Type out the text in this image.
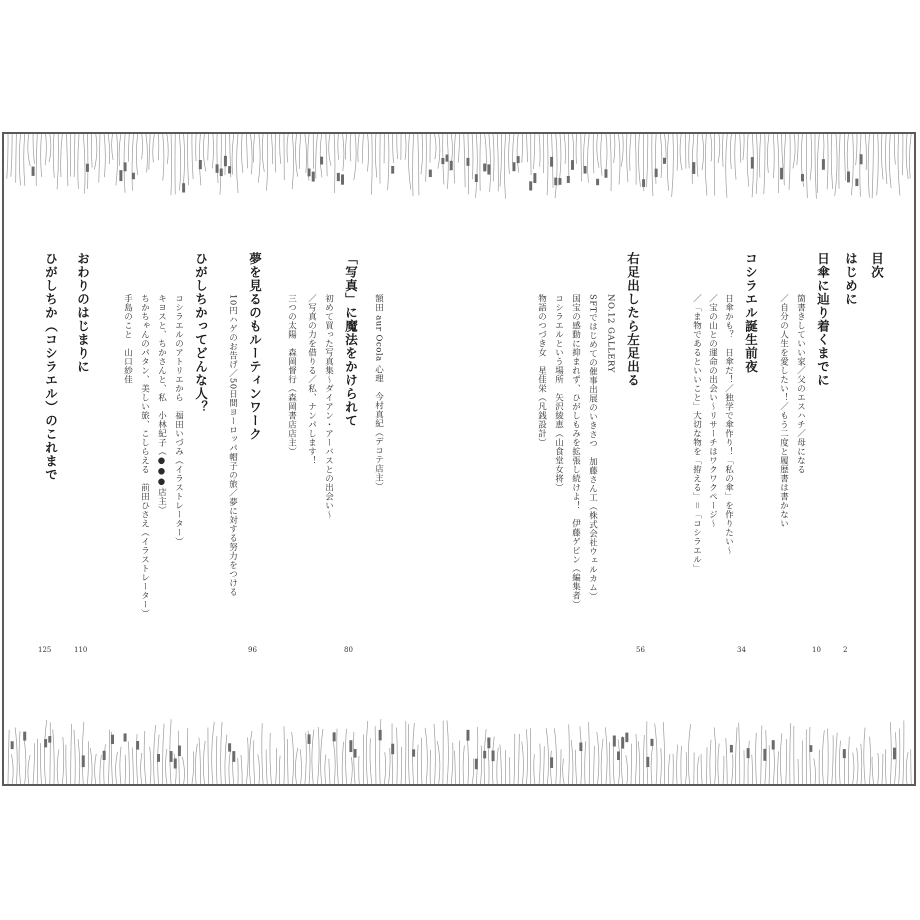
目次
はじめに
日傘に辿り着くまでに
箇書きしていい家／父のエスハチ／母になる
／自分の人生を愛したい！／もう二度と履歴書は書かない
コシラエル誕生前夜
日傘かも？　日傘だ！／独学で傘作り！「私の傘」を作りたい～
／宝の山との運命の出会い～リサーチはワクワクページ～
／「ま物であるといいこと」大切な物を「拵える」＝「コシラエル」
右足出したら左足出る
NO.12 GALLERY
SFTではじめての催事出展のいきさつ　加藤さん工（株式会社ウェルカム）
国宝の感動に抑まれず、ひがしもみを拡張し続けよ！　伊藤ゲビン（編集者）
コシラエルという場所　矢沢綾恵（山食堂女将）
物語のつづき女　星佳栄（凡銭設計）
「写真」に魔法をかけられて
初めて買った写真集～ダイアン・アーバスとの出会い～
／写真の力を借りる／私、ナンパします！
三つの太陽　森岡督行（森岡書店店主）	額田 aur Ocola 心理　今村真紀（デコテ店主）
夢を見るのもルーティンワーク
10円ハゲのお告げ／50日間ヨーロッパ帽子の旅／夢に対する努力をつける
ひがしちかってどんな人？
コシラエルのアトリエから　福田いづみ（イラストレーター）
キヨスと、ちかさんと、私　小林紀子（●●●店主）
ちかちゃんのパタン、美しい旅、こしらえる　前田ひさえ（イラストレーター）
手島のこと　山口紗佳
おわりのはじまりに
ひがしちか（コシラエル）のこれまで
2
10
34
56
80
96
110
125
